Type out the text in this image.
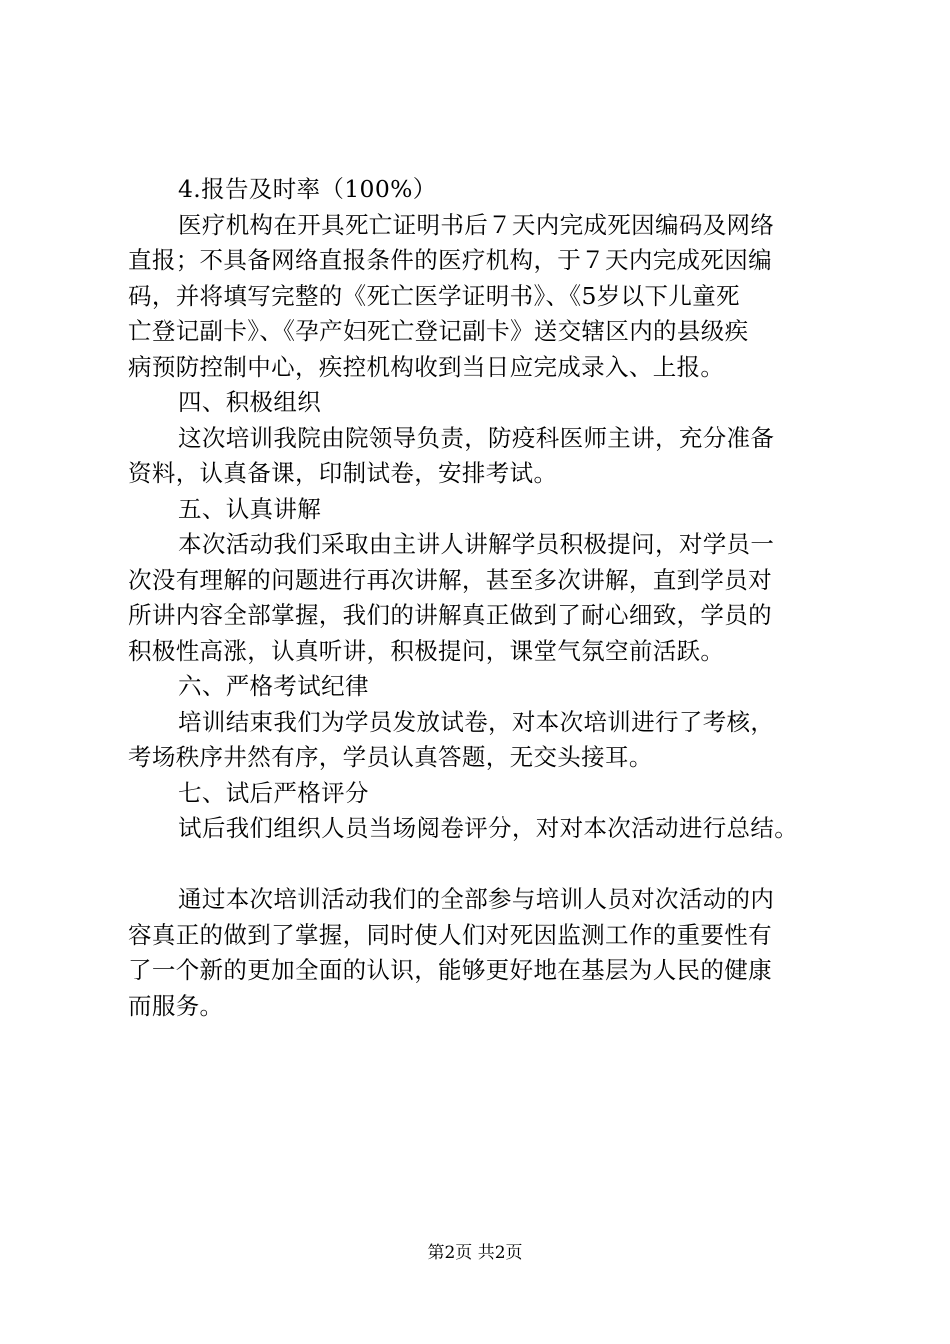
4.报告及时率（100%）

医疗机构在开具死亡证明书后７天内完成死因编码及网络

直报；不具备网络直报条件的医疗机构，于７天内完成死因编

码，并将填写完整的《死亡医学证明书》、《5岁以下儿童死

亡登记副卡》、《孕产妇死亡登记副卡》送交辖区内的县级疾

病预防控制中心，疾控机构收到当日应完成录入、上报。

四、积极组织

这次培训我院由院领导负责，防疫科医师主讲，充分准备

资料，认真备课，印制试卷，安排考试。

五、认真讲解

本次活动我们采取由主讲人讲解学员积极提问，对学员一

次没有理解的问题进行再次讲解，甚至多次讲解，直到学员对

所讲内容全部掌握，我们的讲解真正做到了耐心细致，学员的

积极性高涨，认真听讲，积极提问，课堂气氛空前活跃。

六、严格考试纪律

培训结束我们为学员发放试卷，对本次培训进行了考核，

考场秩序井然有序，学员认真答题，无交头接耳。

七、试后严格评分

试后我们组织人员当场阅卷评分，对对本次活动进行总结。

通过本次培训活动我们的全部参与培训人员对次活动的内

容真正的做到了掌握，同时使人们对死因监测工作的重要性有

了一个新的更加全面的认识，能够更好地在基层为人民的健康

而服务。

第2页 共2页
